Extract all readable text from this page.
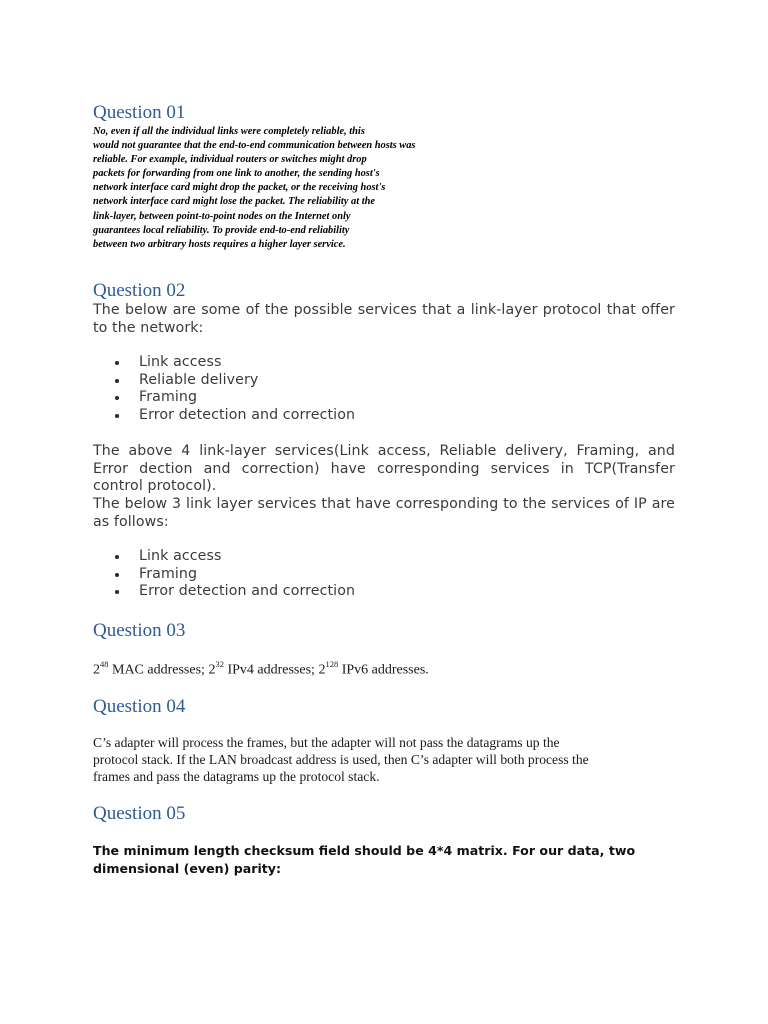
Question 01
No, even if all the individual links were completely reliable, this
would not guarantee that the end-to-end communication between hosts was
reliable. For example, individual routers or switches might drop
packets for forwarding from one link to another, the sending host's
network interface card might drop the packet, or the receiving host's
network interface card might lose the packet. The reliability at the
link-layer, between point-to-point nodes on the Internet only
guarantees local reliability. To provide end-to-end reliability
between two arbitrary hosts requires a higher layer service.
Question 02

The below are some of the possible services that a link-layer protocol that offer to the network:

Link access
Reliable delivery
Framing
Error detection and correction

The above 4 link-layer services(Link access, Reliable delivery, Framing, and Error dection and correction) have corresponding services in TCP(Transfer control protocol).

The below 3 link layer services that have corresponding to the services of IP are as follows:

Link access
Framing
Error detection and correction
Question 03

$2^{48}$ MAC addresses; $2^{32}$ IPv4 addresses; $2^{128}$ IPv6 addresses.

Question 04

C’s adapter will process the frames, but the adapter will not pass the datagrams up the
protocol stack. If the LAN broadcast address is used, then C’s adapter will both process the
frames and pass the datagrams up the protocol stack.

Question 05

The minimum length checksum field should be 4*4 matrix. For our data, two dimensional (even) parity:
